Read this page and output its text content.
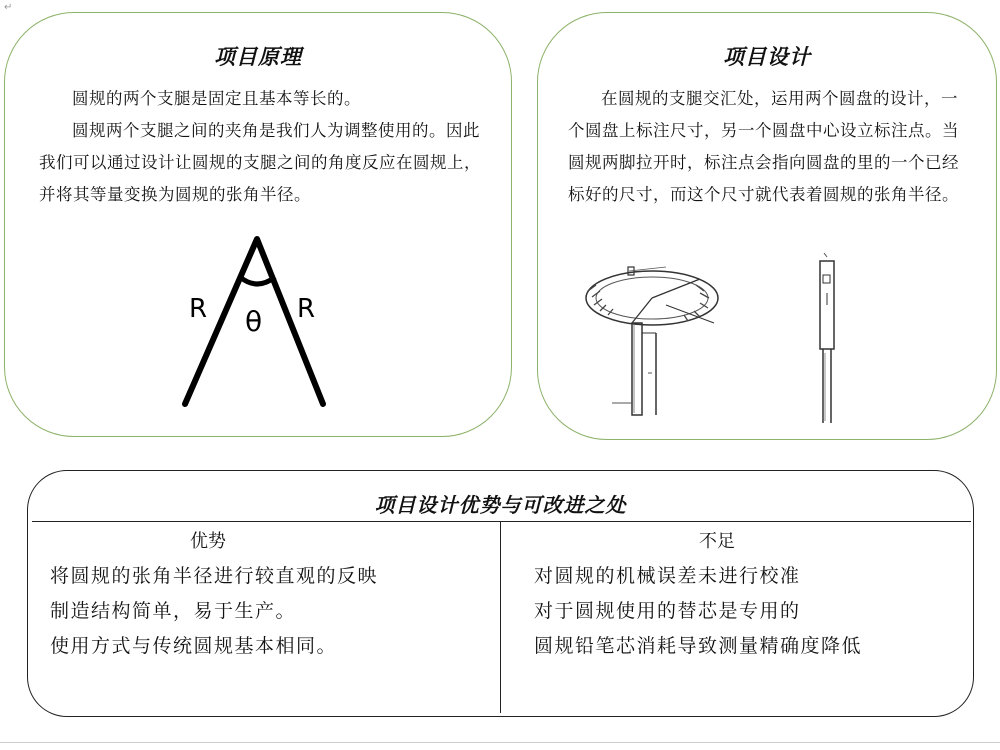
↵
项目原理

圆规的两个支腿是固定且基本等长的。

圆规两个支腿之间的夹角是我们人为调整使用的。因此我们可以通过设计让圆规的支腿之间的角度反应在圆规上，并将其等量变换为圆规的张角半径。

R θ R
项目设计

在圆规的支腿交汇处，运用两个圆盘的设计，一个圆盘上标注尺寸，另一个圆盘中心设立标注点。当圆规两脚拉开时，标注点会指向圆盘的里的一个已经标好的尺寸，而这个尺寸就代表着圆规的张角半径。

项目设计优势与可改进之处
优势	不足
将圆规的张角半径进行较直观的反映
制造结构简单，易于生产。
使用方式与传统圆规基本相同。
对圆规的机械误差未进行校准
对于圆规使用的替芯是专用的
圆规铅笔芯消耗导致测量精确度降低
